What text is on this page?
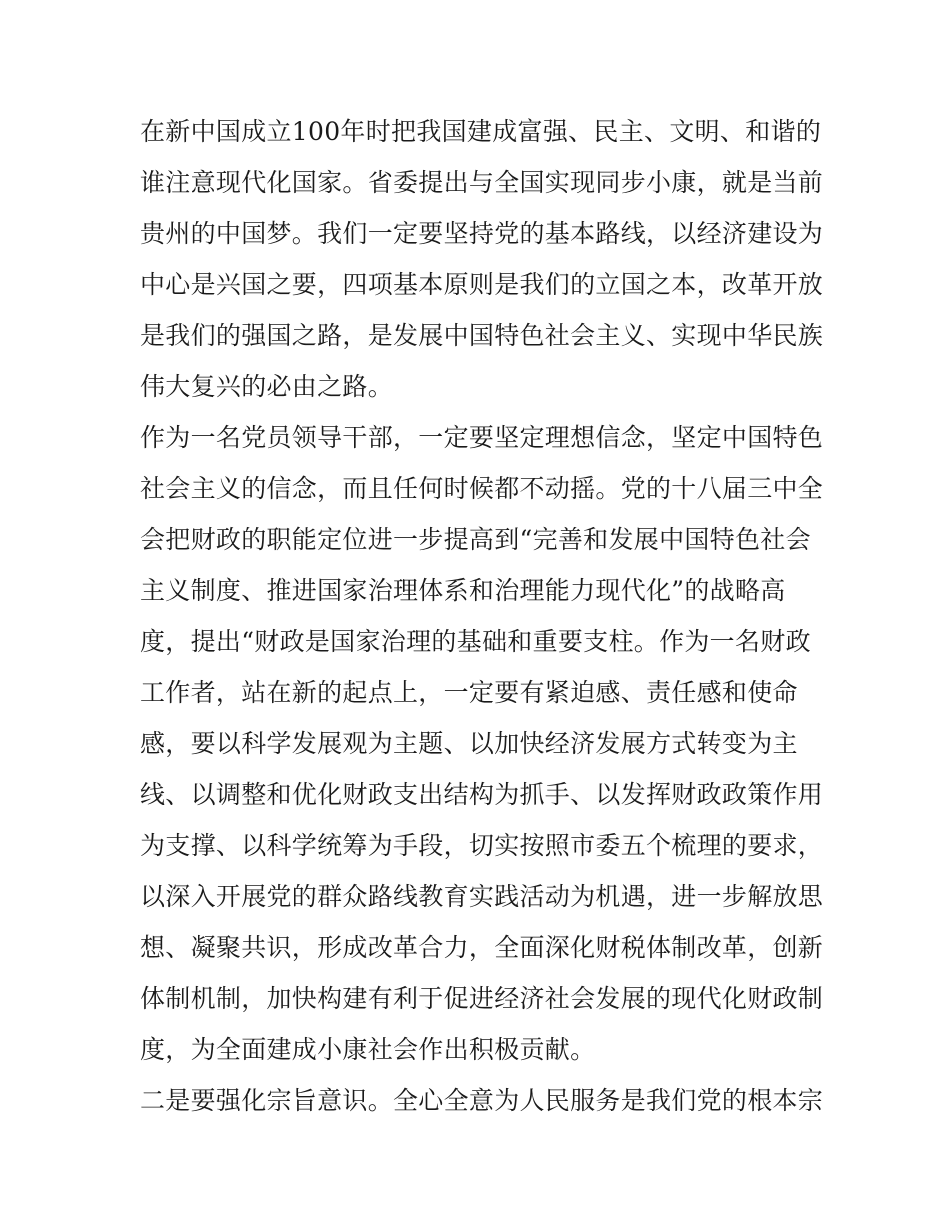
在新中国成立100年时把我国建成富强、民主、文明、和谐的
谁注意现代化国家。省委提出与全国实现同步小康，就是当前
贵州的中国梦。我们一定要坚持党的基本路线，以经济建设为
中心是兴国之要，四项基本原则是我们的立国之本，改革开放
是我们的强国之路，是发展中国特色社会主义、实现中华民族
伟大复兴的必由之路。
作为一名党员领导干部，一定要坚定理想信念，坚定中国特色
社会主义的信念，而且任何时候都不动摇。党的十八届三中全
会把财政的职能定位进一步提高到“完善和发展中国特色社会
主义制度、推进国家治理体系和治理能力现代化”的战略高
度，提出“财政是国家治理的基础和重要支柱。作为一名财政
工作者，站在新的起点上，一定要有紧迫感、责任感和使命
感，要以科学发展观为主题、以加快经济发展方式转变为主
线、以调整和优化财政支出结构为抓手、以发挥财政政策作用
为支撑、以科学统筹为手段，切实按照市委五个梳理的要求，
以深入开展党的群众路线教育实践活动为机遇，进一步解放思
想、凝聚共识，形成改革合力，全面深化财税体制改革，创新
体制机制，加快构建有利于促进经济社会发展的现代化财政制
度，为全面建成小康社会作出积极贡献。
二是要强化宗旨意识。全心全意为人民服务是我们党的根本宗
